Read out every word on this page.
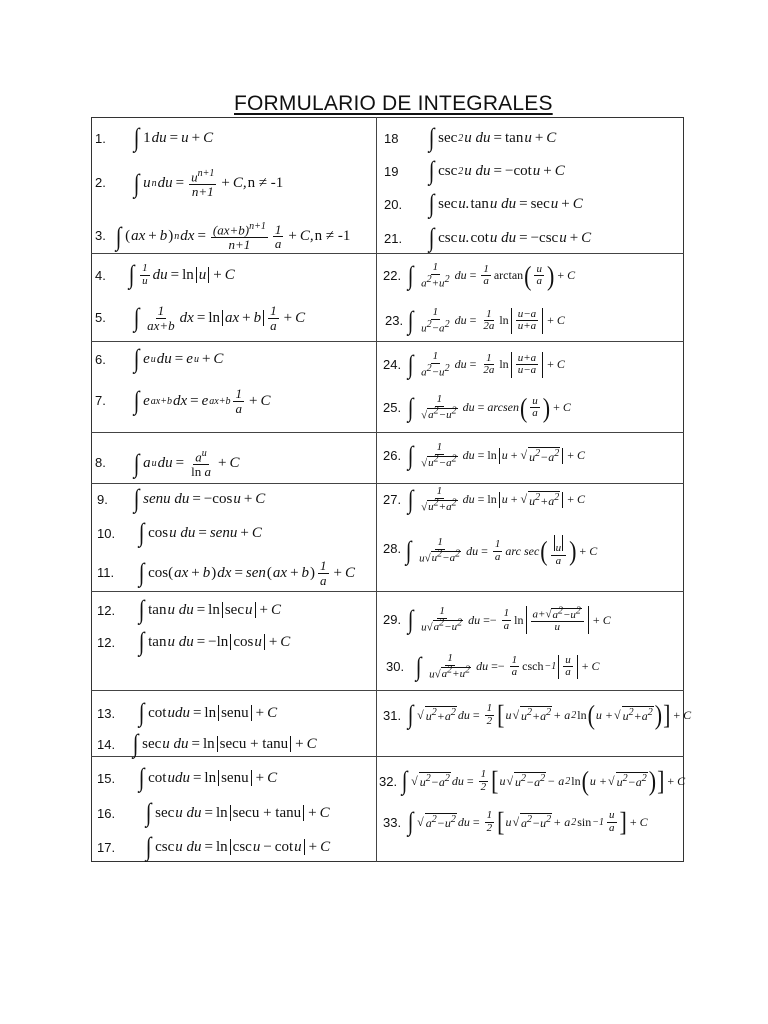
FORMULARIO DE INTEGRALES
1. ∫ 1 du = u + C
2. ∫ u n du = $\frac{u^{n+1}}{n+1} + C$, n ≠ -1
3. ∫ ( ax + b ) n dx = $\frac{(ax+b)^{n+1}}{n+1} \frac{1}{a} + C$, n ≠ -1
4. ∫ $\frac{1}{u}$ du = ln u + C
5. ∫ $\frac{1}{ax+b}$ dx = ln ax + b $\frac{1}{a} + C$
6. ∫ e u du = e u + C
7. ∫ e ax+b dx = e $ax+b \frac{1}{a} + C$
8. ∫ a u du = $\frac{a^u}{\text{ln a}} + C$
9. ∫ senu du = −cos u + C
10. ∫ cos u du = senu + C
11. ∫ cos( ax + b ) dx = sen ( ax + b ) $\frac{1}{a} + C$
12. ∫ tan u du = ln sec u + C
12. ∫ tan u du = −ln cos u + C
13. ∫ cot udu = ln senu + C
14. ∫ sec u du = ln secu + tanu + C
15. ∫ cot udu = ln senu + C
16. ∫ sec u du = ln secu + tanu + C
17. ∫ csc u du = ln csc u − cot u + C
18 ∫ sec 2 u du = tan u + C
19 ∫ csc 2 u du = −cot u + C
20. ∫ sec u. tan u du = sec u + C
21. ∫ csc u. cot u du = −csc u + C
22. ∫ $\frac{1}{a^2+u^2}$ du = $\frac{1}{a}$ arctan ( $\frac{u}{a}$ ) + C
23. ∫ $\frac{1}{u^2-a^2}$ du = $\frac{1}{2a}$ $\ln \frac{u-a}{u+a} + C$
24. ∫ $\frac{1}{a^2-u^2}$ du = $\frac{1}{2a}$ $\ln \frac{u+a}{u-a} + C$
25. ∫ $\frac{1}{√a^2-u^2}$ du = arcsen ( $\frac{u}{a}$ ) + C
26. ∫ $\frac{1}{√u^2-a^2}$ du = ln u + √ $u^2-a^2 + C$
27. ∫ $\frac{1}{√u^2+a^2}$ du = ln u + √ $u^2+a^2 + C$
28. ∫ $\frac{1}{u√u^2-a^2}$ du = $\frac{1}{a}$ arc sec ( $\frac{u}{a}$ ) + C
29. ∫ $\frac{1}{u√a^2-u^2}$ du =− $\frac{1}{a}$ $\ln \frac{a+√a^2-u^2}{u} + C$
30. ∫ $\frac{1}{u√a^2+u^2}$ du =− $\frac{1}{a}$ $\csc h -1 \frac{u}{a} + C$
31. ∫ √ $u^2+a^2$ du = $\frac{1}{2}$ [ u √ $u^2+a^2 + a$ 2 ln ( u + √ $u^2+a^2$ ) ] + C
32. ∫ √ $u^2-a^2$ du = $\frac{1}{2}$ [ u √ $u^2-a^2 - a$ 2 ln ( u + √ $u^2-a^2$ ) ] + C
33. ∫ √ $a^2-u^2$ du = $\frac{1}{2}$ [ u √ $a^2-u^2 + a$ 2 $\sin -1 \frac{u}{a}$ ] + C
